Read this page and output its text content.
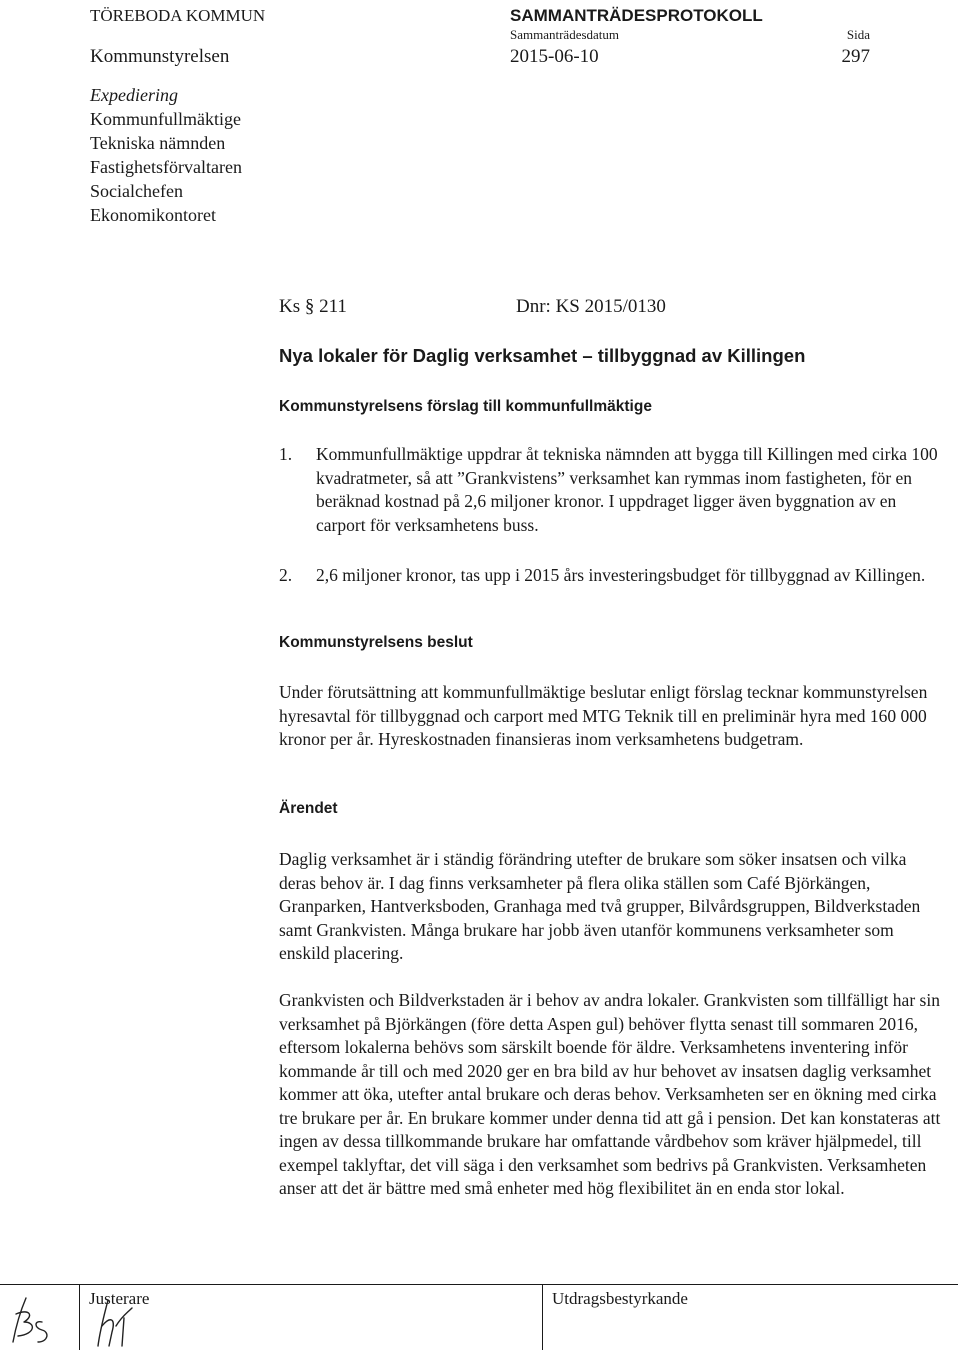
TÖREBODA KOMMUN
Kommunstyrelsen
SAMMANTRÄDESPROTOKOLL
Sammanträdesdatum
2015-06-10
Sida
297
Expediering
Kommunfullmäktige
Tekniska nämnden
Fastighetsförvaltaren
Socialchefen
Ekonomikontoret
Ks § 211	Dnr: KS 2015/0130
Nya lokaler för Daglig verksamhet – tillbyggnad av Killingen
Kommunstyrelsens förslag till kommunfullmäktige
1. Kommunfullmäktige uppdrar åt tekniska nämnden att bygga till Killingen med cirka 100 kvadratmeter, så att ”Grankvistens” verksamhet kan rymmas inom fastigheten, för en beräknad kostnad på 2,6 miljoner kronor. I uppdraget ligger även byggnation av en carport för verksamhetens buss.
2. 2,6 miljoner kronor, tas upp i 2015 års investeringsbudget för tillbyggnad av Killingen.
Kommunstyrelsens beslut
Under förutsättning att kommunfullmäktige beslutar enligt förslag tecknar kommunstyrelsen hyresavtal för tillbyggnad och carport med MTG Teknik till en preliminär hyra med 160 000 kronor per år. Hyreskostnaden finansieras inom verksamhetens budgetram.
Ärendet
Daglig verksamhet är i ständig förändring utefter de brukare som söker insatsen och vilka deras behov är. I dag finns verksamheter på flera olika ställen som Café Björkängen, Granparken, Hantverksboden, Granhaga med två grupper, Bilvårdsgruppen, Bildverkstaden samt Grankvisten. Många brukare har jobb även utanför kommunens verksamheter som enskild placering.
Grankvisten och Bildverkstaden är i behov av andra lokaler. Grankvisten som tillfälligt har sin verksamhet på Björkängen (före detta Aspen gul) behöver flytta senast till sommaren 2016, eftersom lokalerna behövs som särskilt boende för äldre. Verksamhetens inventering inför kommande år till och med 2020 ger en bra bild av hur behovet av insatsen daglig verksamhet kommer att öka, utefter antal brukare och deras behov. Verksamheten ser en ökning med cirka tre brukare per år. En brukare kommer under denna tid att gå i pension. Det kan konstateras att ingen av dessa tillkommande brukare har omfattande vårdbehov som kräver hjälpmedel, till exempel taklyftar, det vill säga i den verksamhet som bedrivs på Grankvisten. Verksamheten anser att det är bättre med små enheter med hög flexibilitet än en enda stor lokal.
Justerare	Utdragsbestyrkande
